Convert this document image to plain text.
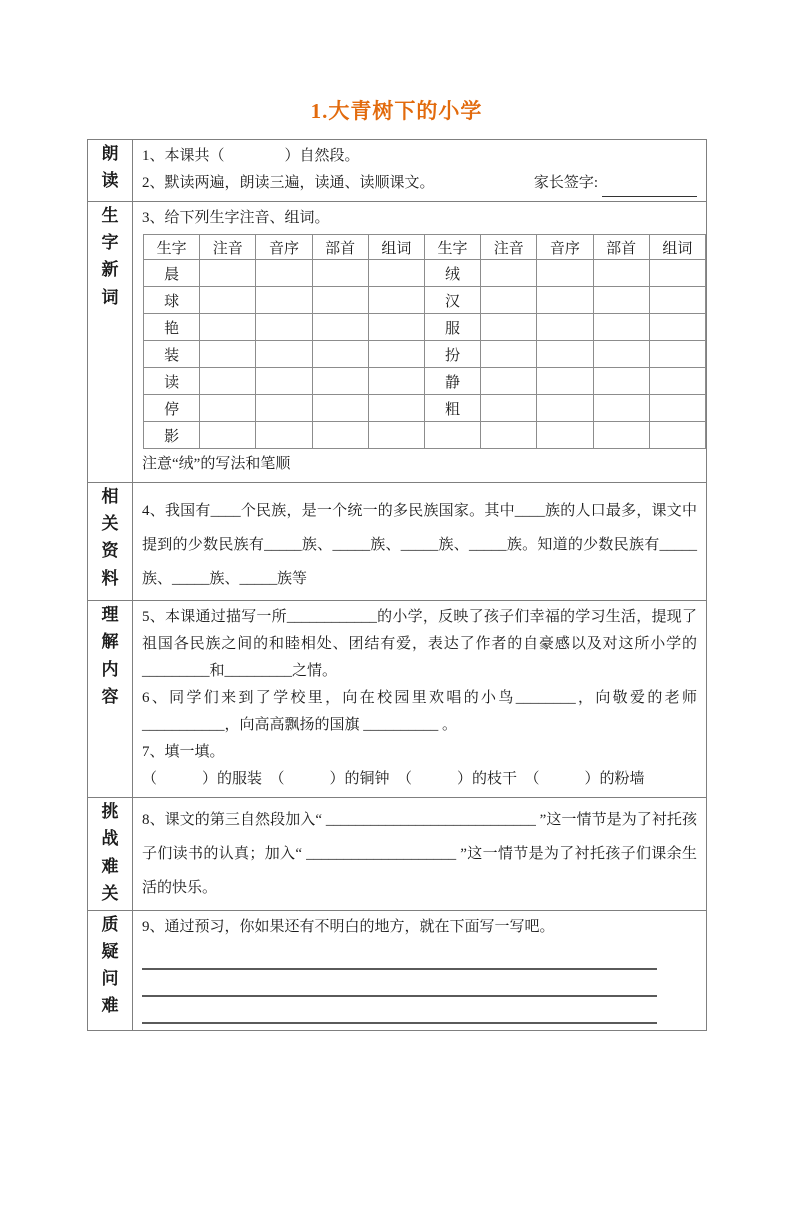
1.大青树下的小学
朗读	
1、本课共（　　　　）自然段。
2、默读两遍，朗读三遍，读通、读顺课文。	家长签字:

生字新词	
3、给下列生字注音、组词。
生字	注音	音序	部首	组词	生字	注音	音序	部首	组词
晨					绒				
球					汉				
艳					服				
装					扮				
读					静				
停					粗				
影									
注意“绒”的写法和笔顺

相关资料	
4、我国有____个民族，是一个统一的多民族国家。其中____族的人口最多，课文中提到的少数民族有_____族、_____族、_____族、_____族。知道的少数民族有_____族、_____族、_____族等

理解内容	
5、本课通过描写一所____________的小学，反映了孩子们幸福的学习生活，提现了祖国各民族之间的和睦相处、团结有爱，表达了作者的自豪感以及对这所小学的_________和_________之情。
6、同学们来到了学校里，向在校园里欢唱的小鸟________，向敬爱的老师___________，向高高飘扬的国旗 __________ 。
7、填一填。
（　　　）的服装　（　　　）的铜钟　（　　　）的枝干　（　　　）的粉墙

挑战难关	
8、课文的第三自然段加入“ ____________________________ ”这一情节是为了衬托孩子们读书的认真；加入“ ____________________ ”这一情节是为了衬托孩子们课余生活的快乐。

质疑问难	
9、通过预习，你如果还有不明白的地方，就在下面写一写吧。
